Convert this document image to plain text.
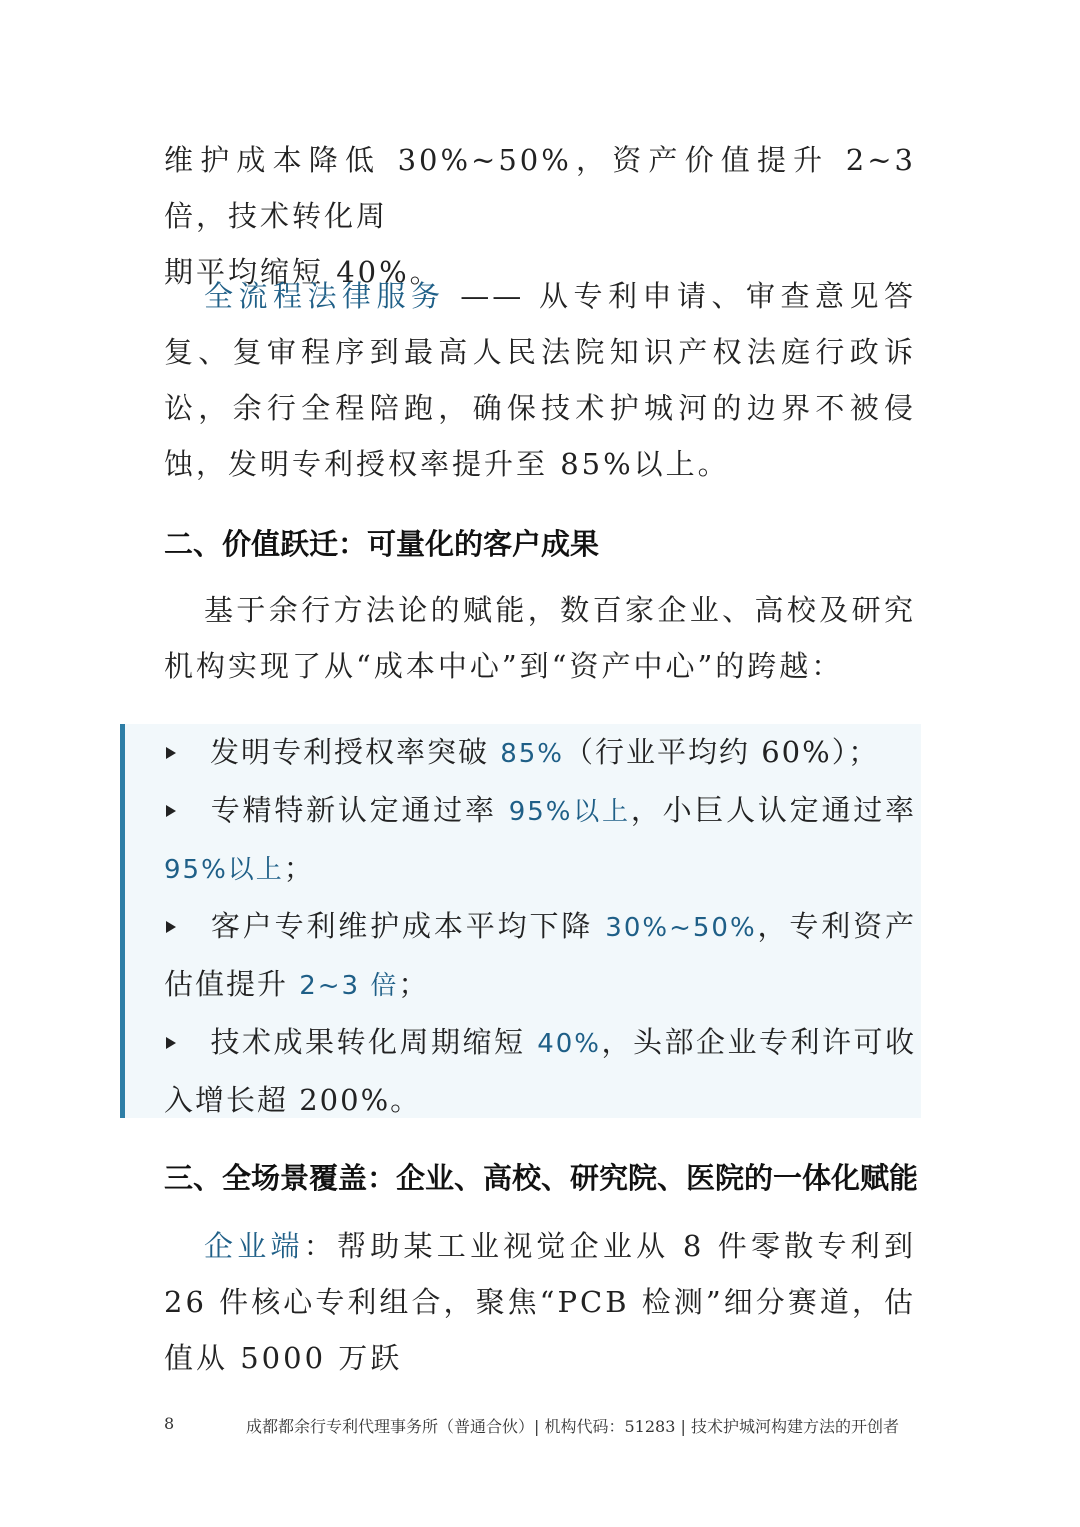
维护成本降低 30%~50%，资产价值提升 2~3 倍，技术转化周
期平均缩短 40%。

全流程法律服务 —— 从专利申请、审查意见答复、复审程序到最高人民法院知识产权法庭行政诉讼，余行全程陪跑，确保技术护城河的边界不被侵蚀，发明专利授权率提升至 85%以上。

二、价值跃迁：可量化的客户成果

基于余行方法论的赋能，数百家企业、高校及研究机构实现了从“成本中心”到“资产中心”的跨越：

发明专利授权率突破 85%（行业平均约 60%）；

专精特新认定通过率 95%以上，小巨人认定通过率 95%以上；

客户专利维护成本平均下降 30%~50%，专利资产估值提升 2~3 倍；

技术成果转化周期缩短 40%，头部企业专利许可收入增长超 200%。

三、全场景覆盖：企业、高校、研究院、医院的一体化赋能

企业端：帮助某工业视觉企业从 8 件零散专利到 26 件核心专利组合，聚焦“PCB 检测”细分赛道，估值从 5000 万跃

8	成都都余行专利代理事务所（普通合伙）| 机构代码：51283 | 技术护城河构建方法的开创者
